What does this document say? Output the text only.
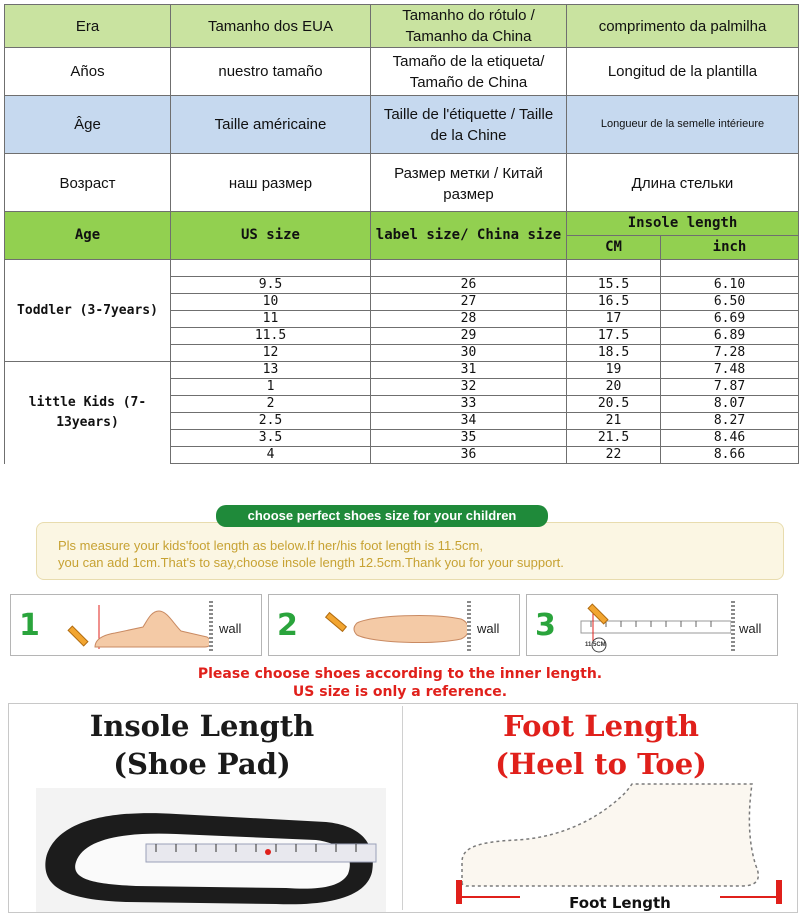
Era	Tamanho dos EUA	Tamanho do rótulo / Tamanho da China	comprimento da palmilha
Años	nuestro tamaño	Tamaño de la etiqueta/ Tamaño de China	Longitud de la plantilla
Âge	Taille américaine	Taille de l'étiquette / Taille de la Chine	Longueur de la semelle intérieure
Возраст	наш размер	Размер метки / Китай размер	Длина стельки
Age	US size	label size/ China size	Insole length	
			CM	inch
Toddler (3-7years)				
	9.5	26	15.5	6.10
	10	27	16.5	6.50
	11	28	17	6.69
	11.5	29	17.5	6.89
	12	30	18.5	7.28
little Kids (7-13years)	13	31	19	7.48
	1	32	20	7.87
	2	33	20.5	8.07
	2.5	34	21	8.27
	3.5	35	21.5	8.46
	4	36	22	8.66
choose perfect shoes size for your children
Pls measure your kids'foot length as below.If her/his foot length is 11.5cm,
you can add 1cm.That's to say,choose insole length 12.5cm.Thank you for your support.
1	wall 2	wall 3
11.5CM
wall
Please choose shoes according to the inner length.
US size is only a reference.
Insole Length
(Shoe Pad)
Foot Length
(Heel to Toe)
Foot Length
